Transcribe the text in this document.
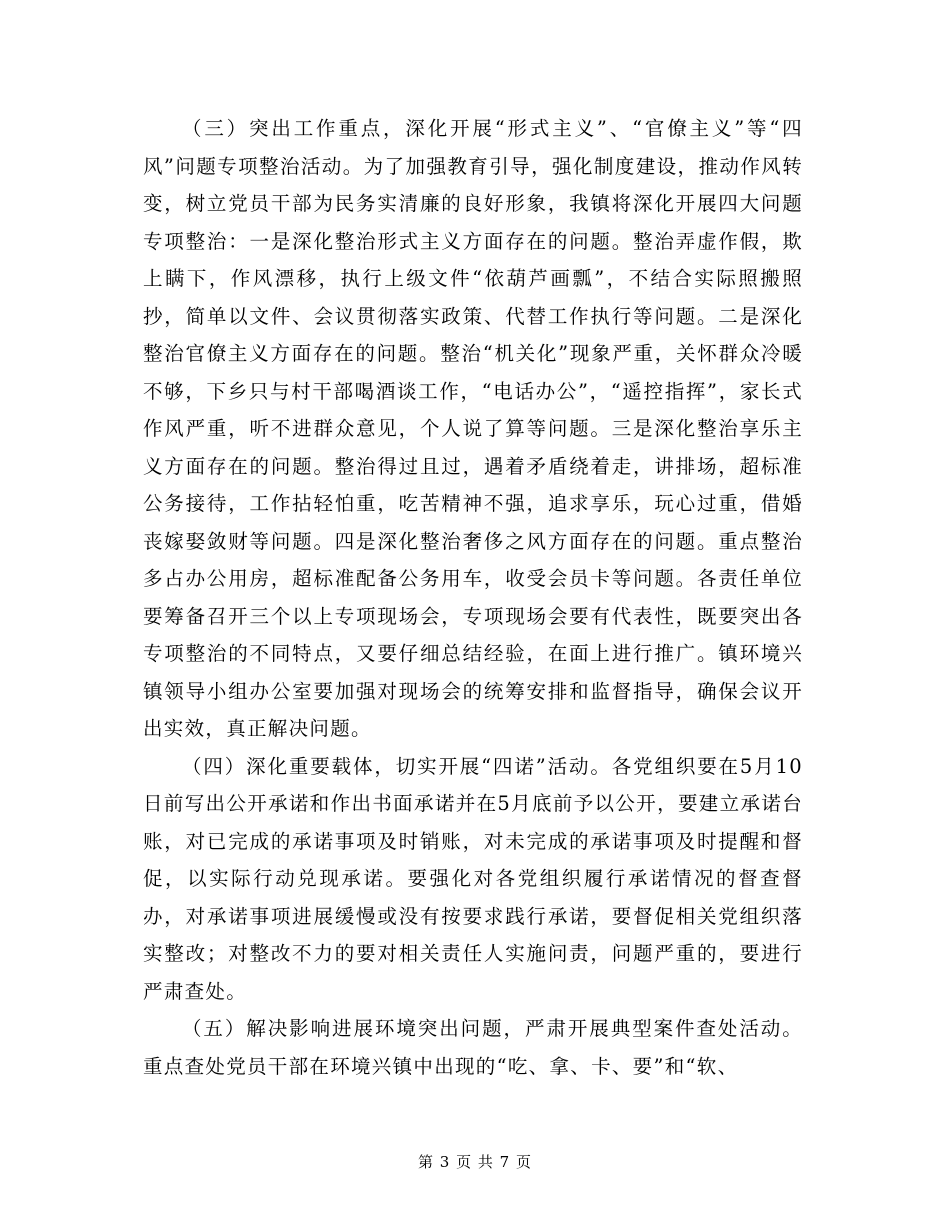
（三）突出工作重点，深化开展“形式主义”、“官僚主义”等“四风”问题专项整治活动。为了加强教育引导，强化制度建设，推动作风转变，树立党员干部为民务实清廉的良好形象，我镇将深化开展四大问题专项整治：一是深化整治形式主义方面存在的问题。整治弄虚作假，欺上瞒下，作风漂移，执行上级文件“依葫芦画瓢”，不结合实际照搬照抄，简单以文件、会议贯彻落实政策、代替工作执行等问题。二是深化整治官僚主义方面存在的问题。整治“机关化”现象严重，关怀群众冷暖不够，下乡只与村干部喝酒谈工作，“电话办公”，“遥控指挥”，家长式作风严重，听不进群众意见，个人说了算等问题。三是深化整治享乐主义方面存在的问题。整治得过且过，遇着矛盾绕着走，讲排场，超标准公务接待，工作拈轻怕重，吃苦精神不强，追求享乐，玩心过重，借婚丧嫁娶敛财等问题。四是深化整治奢侈之风方面存在的问题。重点整治多占办公用房，超标准配备公务用车，收受会员卡等问题。各责任单位要筹备召开三个以上专项现场会，专项现场会要有代表性，既要突出各专项整治的不同特点，又要仔细总结经验，在面上进行推广。镇环境兴镇领导小组办公室要加强对现场会的统筹安排和监督指导，确保会议开出实效，真正解决问题。

（四）深化重要载体，切实开展“四诺”活动。各党组织要在5月10日前写出公开承诺和作出书面承诺并在5月底前予以公开，要建立承诺台账，对已完成的承诺事项及时销账，对未完成的承诺事项及时提醒和督促，以实际行动兑现承诺。要强化对各党组织履行承诺情况的督查督办，对承诺事项进展缓慢或没有按要求践行承诺，要督促相关党组织落实整改；对整改不力的要对相关责任人实施问责，问题严重的，要进行严肃查处。

（五）解决影响进展环境突出问题，严肃开展典型案件查处活动。重点查处党员干部在环境兴镇中出现的“吃、拿、卡、要”和“软、

第 3 页 共 7 页
